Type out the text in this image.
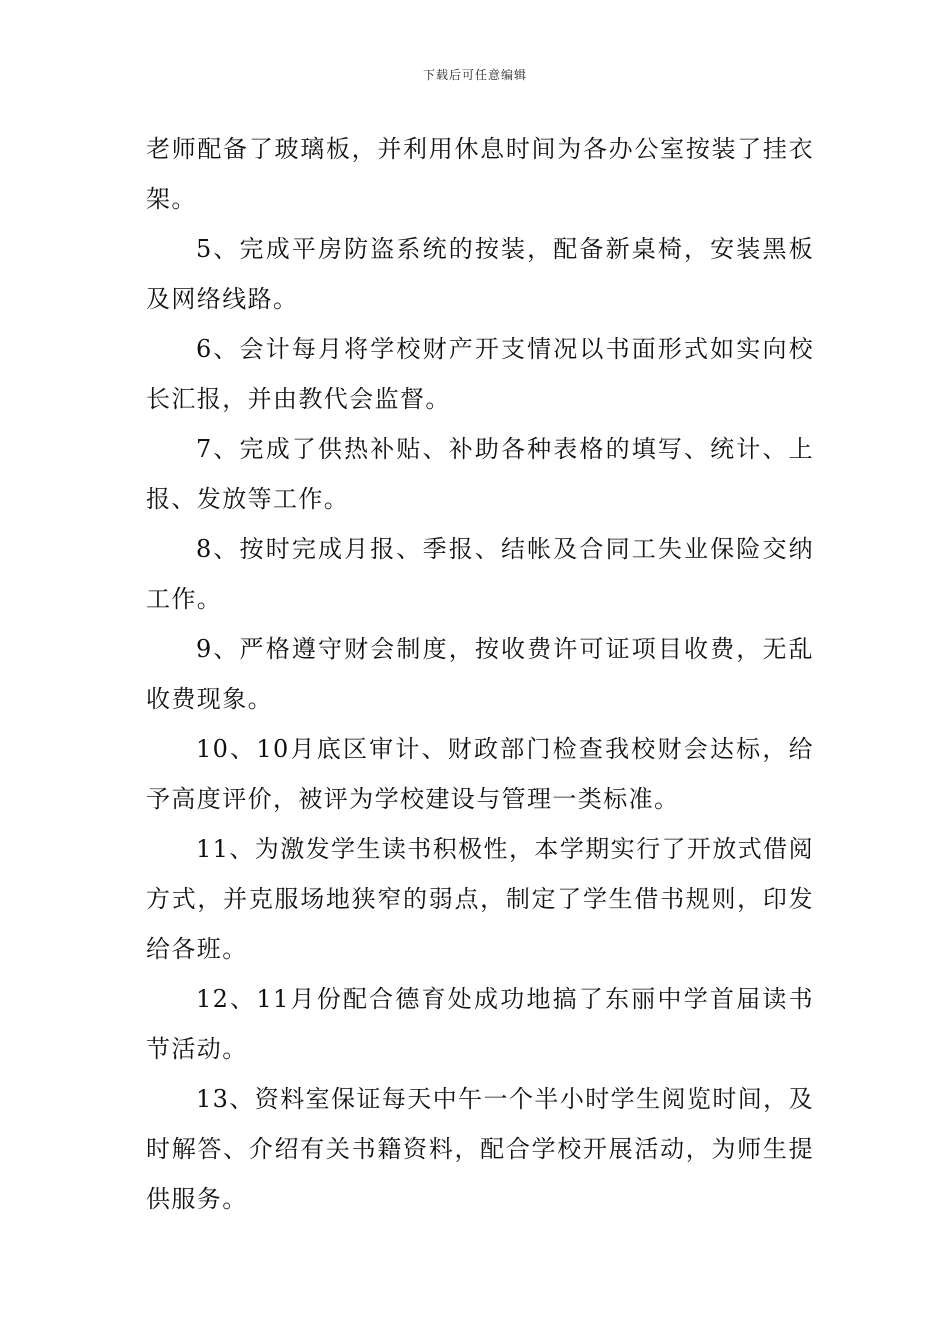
下载后可任意编辑

老师配备了玻璃板，并利用休息时间为各办公室按装了挂衣架。

5、完成平房防盗系统的按装，配备新桌椅，安装黑板及网络线路。

6、会计每月将学校财产开支情况以书面形式如实向校长汇报，并由教代会监督。

7、完成了供热补贴、补助各种表格的填写、统计、上报、发放等工作。

8、按时完成月报、季报、结帐及合同工失业保险交纳工作。

9、严格遵守财会制度，按收费许可证项目收费，无乱收费现象。

10、10月底区审计、财政部门检查我校财会达标，给予高度评价，被评为学校建设与管理一类标准。

11、为激发学生读书积极性，本学期实行了开放式借阅方式，并克服场地狭窄的弱点，制定了学生借书规则，印发给各班。

12、11月份配合德育处成功地搞了东丽中学首届读书节活动。

13、资料室保证每天中午一个半小时学生阅览时间，及时解答、介绍有关书籍资料，配合学校开展活动，为师生提供服务。
